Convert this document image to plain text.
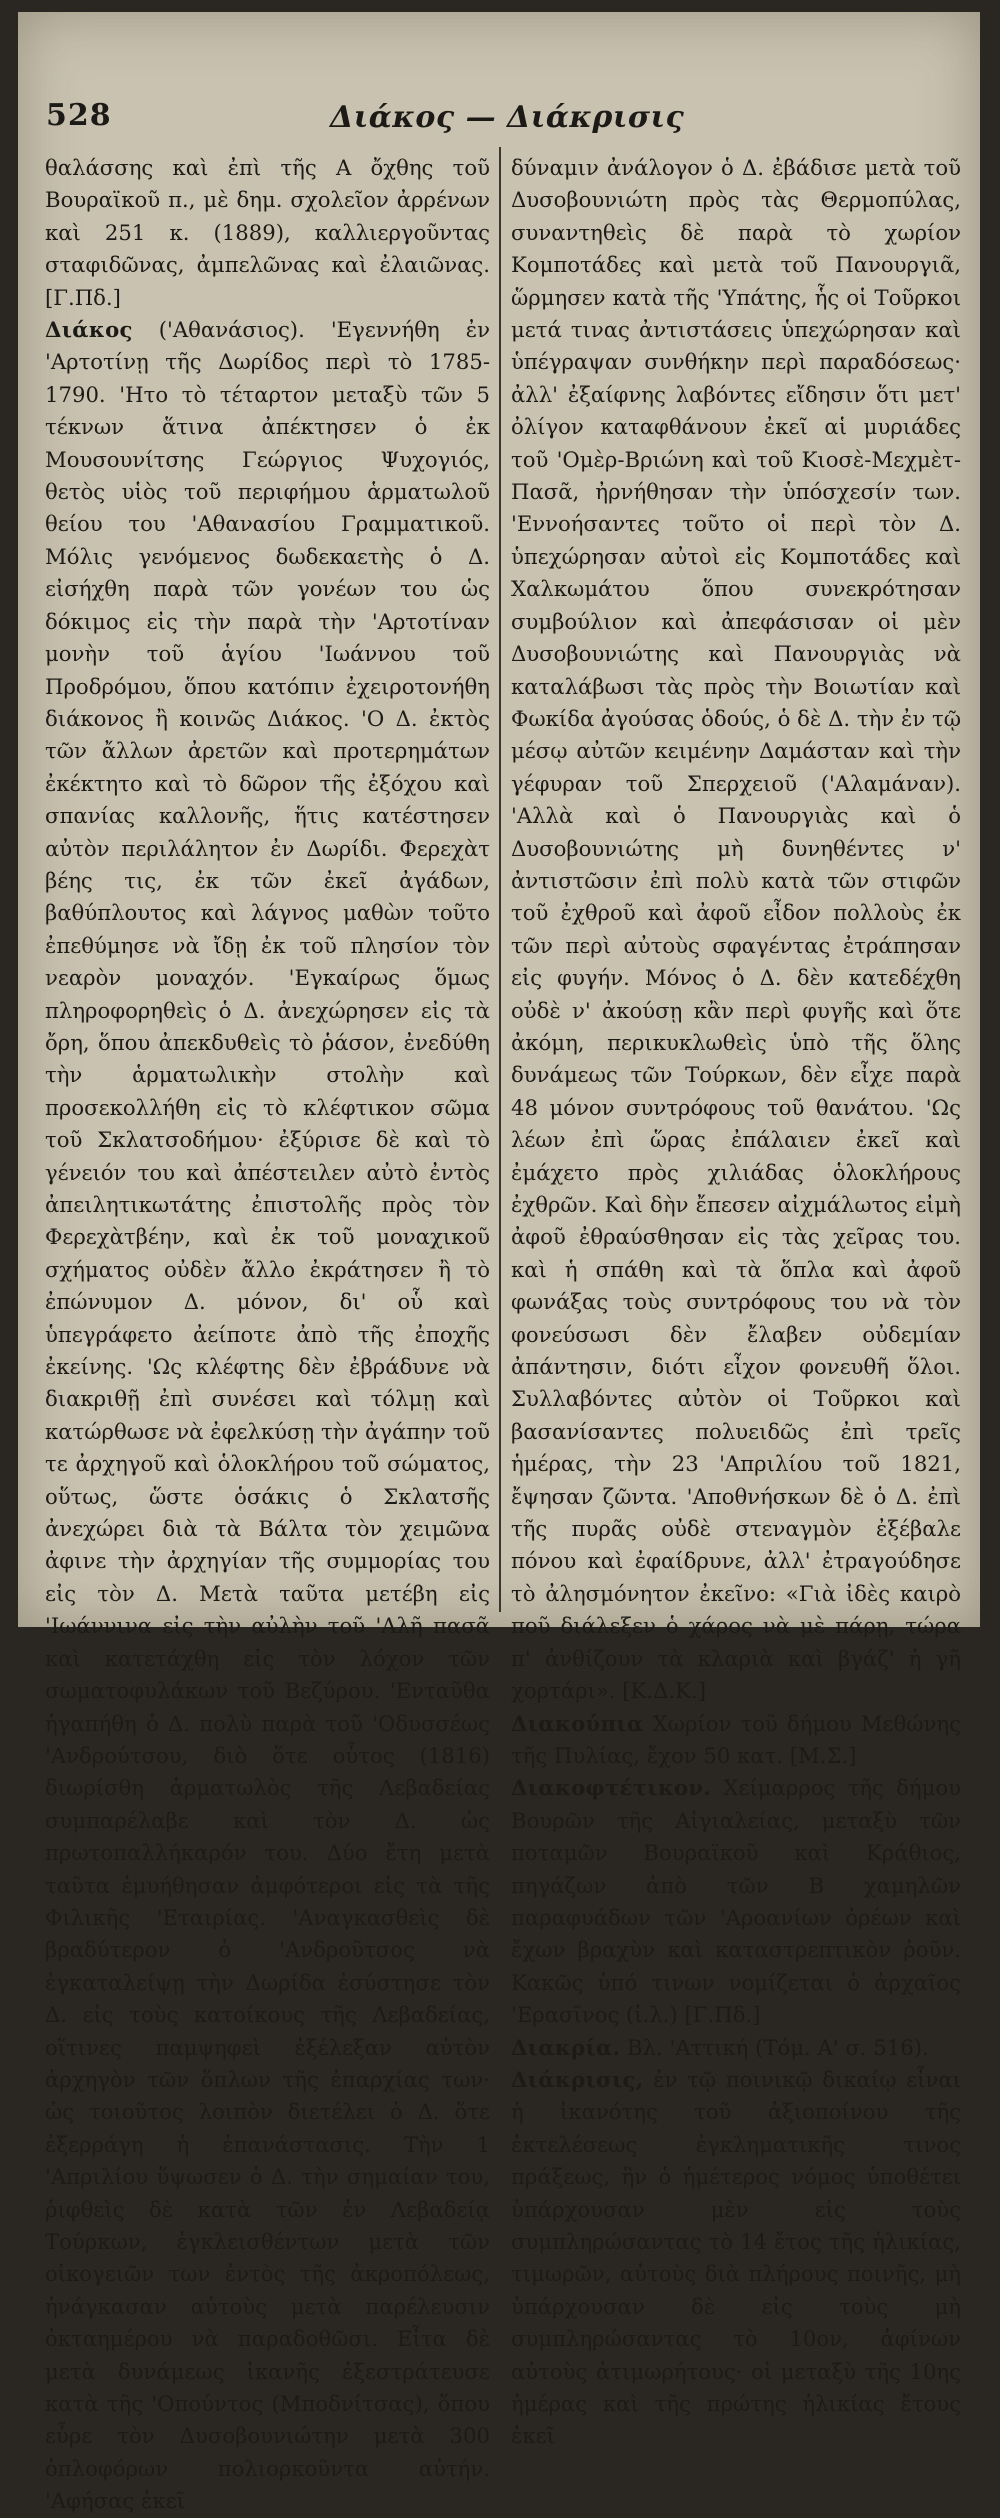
528	Διάκος — Διάκρισις

θαλάσσης καὶ ἐπὶ τῆς Α ὄχθης τοῦ Βουραϊκοῦ π., μὲ δημ. σχολεῖον ἀρρένων καὶ 251 κ. (1889), καλλιεργοῦντας σταφιδῶνας, ἀμπελῶνας καὶ ἐλαιῶνας. [Γ.Πδ.]

Διάκος ('Αθανάσιος). 'Εγεννήθη ἐν 'Αρτοτίνῃ τῆς Δωρίδος περὶ τὸ 1785-1790. 'Ητο τὸ τέταρτον μεταξὺ τῶν 5 τέκνων ἅτινα ἀπέκτησεν ὁ ἐκ Μουσουνίτσης Γεώργιος Ψυχογιός, θετὸς υἱὸς τοῦ περιφήμου ἁρματωλοῦ θείου του 'Αθανασίου Γραμματικοῦ. Μόλις γενόμενος δωδεκαετὴς ὁ Δ. εἰσήχθη παρὰ τῶν γονέων του ὡς δόκιμος εἰς τὴν παρὰ τὴν 'Αρτοτίναν μονὴν τοῦ ἁγίου 'Ιωάννου τοῦ Προδρόμου, ὅπου κατόπιν ἐχειροτονήθη διάκονος ἢ κοινῶς Διάκος. 'Ο Δ. ἐκτὸς τῶν ἄλλων ἀρετῶν καὶ προτερημάτων ἐκέκτητο καὶ τὸ δῶρον τῆς ἐξόχου καὶ σπανίας καλλονῆς, ἥτις κατέστησεν αὐτὸν περιλάλητον ἐν Δωρίδι. Φερεχὰτ βέης τις, ἐκ τῶν ἐκεῖ ἀγάδων, βαθύπλουτος καὶ λάγνος μαθὼν τοῦτο ἐπεθύμησε νὰ ἴδῃ ἐκ τοῦ πλησίον τὸν νεαρὸν μοναχόν. 'Εγκαίρως ὅμως πληροφορηθεὶς ὁ Δ. ἀνεχώρησεν εἰς τὰ ὄρη, ὅπου ἀπεκδυθεὶς τὸ ῥάσον, ἐνεδύθη τὴν ἁρματωλικὴν στολὴν καὶ προσεκολλήθη εἰς τὸ κλέφτικον σῶμα τοῦ Σκλατσοδήμου· ἐξύρισε δὲ καὶ τὸ γένειόν του καὶ ἀπέστειλεν αὐτὸ ἐντὸς ἀπειλητικωτάτης ἐπιστολῆς πρὸς τὸν Φερεχὰτβέην, καὶ ἐκ τοῦ μοναχικοῦ σχήματος οὐδὲν ἄλλο ἐκράτησεν ἢ τὸ ἐπώνυμον Δ. μόνον, δι' οὗ καὶ ὑπεγράφετο ἀείποτε ἀπὸ τῆς ἐποχῆς ἐκείνης. 'Ως κλέφτης δὲν ἐβράδυνε νὰ διακριθῇ ἐπὶ συνέσει καὶ τόλμῃ καὶ κατώρθωσε νὰ ἐφελκύσῃ τὴν ἀγάπην τοῦ τε ἀρχηγοῦ καὶ ὁλοκλήρου τοῦ σώματος, οὕτως, ὥστε ὁσάκις ὁ Σκλατσῆς ἀνεχώρει διὰ τὰ Βάλτα τὸν χειμῶνα ἀφινε τὴν ἀρχηγίαν τῆς συμμορίας του εἰς τὸν Δ. Μετὰ ταῦτα μετέβη εἰς 'Ιωάννινα εἰς τὴν αὐλὴν τοῦ 'Αλῆ πασᾶ καὶ κατετάχθη εἰς τὸν λόχον τῶν σωματοφυλάκων τοῦ Βεζύρου. 'Ενταῦθα ἠγαπήθη ὁ Δ. πολὺ παρὰ τοῦ 'Οδυσσέως 'Ανδρούτσου, διὸ ὅτε οὗτος (1816) διωρίσθη ἁρματωλὸς τῆς Λεβαδείας συμπαρέλαβε καὶ τὸν Δ. ὡς πρωτοπαλλήκαρόν του. Δύο ἔτη μετὰ ταῦτα ἐμυήθησαν ἀμφότεροι εἰς τὰ τῆς Φιλικῆς 'Εταιρίας. 'Αναγκασθεὶς δὲ βραδύτερον ὁ 'Ανδροῦτσος νὰ ἐγκαταλείψῃ τὴν Δωρίδα ἐσύστησε τὸν Δ. εἰς τοὺς κατοίκους τῆς Λεβαδείας, οἵτινες παμψηφεὶ ἐξέλεξαν αὐτὸν ἀρχηγὸν τῶν ὅπλων τῆς ἐπαρχίας των· ὡς τοιοῦτος λοιπὸν διετέλει ὁ Δ. ὅτε ἐξερράγη ἡ ἐπανάστασις. Τὴν 1 'Απριλίου ὕψωσεν ὁ Δ. τὴν σημαίαν του, ῥιφθεὶς δὲ κατὰ τῶν ἐν Λεβαδείᾳ Τούρκων, ἐγκλεισθέντων μετὰ τῶν οἰκογειῶν των ἐντὸς τῆς ἀκροπόλεως, ἠνάγκασαν αὐτοὺς μετὰ παρέλευσιν ὀκταημέρου νὰ παραδοθῶσι. Εἶτα δὲ μετὰ δυνάμεως ἱκανῆς ἐξεστράτευσε κατὰ τῆς 'Οπούντος (Μποδνίτσας), ὅπου εὗρε τὸν Δυσοβουνιώτην μετὰ 300 ὁπλοφόρων πολιορκοῦντα αὐτήν. 'Αφήσας ἐκεῖ

δύναμιν ἀνάλογον ὁ Δ. ἐβάδισε μετὰ τοῦ Δυσοβουνιώτη πρὸς τὰς Θερμοπύλας, συναντηθεὶς δὲ παρὰ τὸ χωρίον Κομποτάδες καὶ μετὰ τοῦ Πανουργιᾶ, ὥρμησεν κατὰ τῆς 'Υπάτης, ἧς οἱ Τοῦρκοι μετά τινας ἀντιστάσεις ὑπεχώρησαν καὶ ὑπέγραψαν συνθήκην περὶ παραδόσεως· ἀλλ' ἐξαίφνης λαβόντες εἴδησιν ὅτι μετ' ὀλίγον καταφθάνουν ἐκεῖ αἱ μυριάδες τοῦ 'Ομὲρ-Βριώνη καὶ τοῦ Κιοσὲ-Μεχμὲτ-Πασᾶ, ἠρνήθησαν τὴν ὑπόσχεσίν των. 'Εννοήσαντες τοῦτο οἱ περὶ τὸν Δ. ὑπεχώρησαν αὐτοὶ εἰς Κομποτάδες καὶ Χαλκωμάτου ὅπου συνεκρότησαν συμβούλιον καὶ ἀπεφάσισαν οἱ μὲν Δυσοβουνιώτης καὶ Πανουργιὰς νὰ καταλάβωσι τὰς πρὸς τὴν Βοιωτίαν καὶ Φωκίδα ἀγούσας ὁδούς, ὁ δὲ Δ. τὴν ἐν τῷ μέσῳ αὐτῶν κειμένην Δαμάσταν καὶ τὴν γέφυραν τοῦ Σπερχειοῦ ('Αλαμάναν). 'Αλλὰ καὶ ὁ Πανουργιὰς καὶ ὁ Δυσοβουνιώτης μὴ δυνηθέντες ν' ἀντιστῶσιν ἐπὶ πολὺ κατὰ τῶν στιφῶν τοῦ ἐχθροῦ καὶ ἀφοῦ εἶδον πολλοὺς ἐκ τῶν περὶ αὐτοὺς σφαγέντας ἐτράπησαν εἰς φυγήν. Μόνος ὁ Δ. δὲν κατεδέχθη οὐδὲ ν' ἀκούσῃ κἂν περὶ φυγῆς καὶ ὅτε ἀκόμη, περικυκλωθεὶς ὑπὸ τῆς ὅλης δυνάμεως τῶν Τούρκων, δὲν εἶχε παρὰ 48 μόνον συντρόφους τοῦ θανάτου. 'Ως λέων ἐπὶ ὥρας ἐπάλαιεν ἐκεῖ καὶ ἐμάχετο πρὸς χιλιάδας ὁλοκλήρους ἐχθρῶν. Καὶ δὴν ἔπεσεν αἰχμάλωτος εἰμὴ ἀφοῦ ἐθραύσθησαν εἰς τὰς χεῖρας του. καὶ ἡ σπάθη καὶ τὰ ὅπλα καὶ ἀφοῦ φωνάξας τοὺς συντρόφους του νὰ τὸν φονεύσωσι δὲν ἔλαβεν οὐδεμίαν ἀπάντησιν, διότι εἶχον φονευθῆ ὅλοι. Συλλαβόντες αὐτὸν οἱ Τοῦρκοι καὶ βασανίσαντες πολυειδῶς ἐπὶ τρεῖς ἡμέρας, τὴν 23 'Απριλίου τοῦ 1821, ἔψησαν ζῶντα. 'Αποθνήσκων δὲ ὁ Δ. ἐπὶ τῆς πυρᾶς οὐδὲ στεναγμὸν ἐξέβαλε πόνου καὶ ἐφαίδρυνε, ἀλλ' ἐτραγούδησε τὸ ἀλησμόνητον ἐκεῖνο: «Γιὰ ἰδὲς καιρὸ ποῦ διάλεξεν ὁ χάρος νὰ μὲ πάρῃ, τώρα π' ἀνθίζουν τὰ κλαριὰ καὶ βγάζ' ἡ γῆ χορτάρι». [Κ.Δ.Κ.]

Διακούπια Χωρίον τοῦ δήμου Μεθώνης τῆς Πυλίας, ἔχον 50 κατ. [Μ.Σ.]

Διακοφτέτικον. Χείμαρρος τῆς δήμου Βουρῶν τῆς Αἰγιαλείας, μεταξὺ τῶν ποταμῶν Βουραϊκοῦ καὶ Κράθιος, πηγάζων ἀπὸ τῶν Β χαμηλῶν παραφυάδων τῶν 'Αροανίων ὀρέων καὶ ἔχων βραχὺν καὶ καταστρεπτικὸν ῥοῦν. Κακῶς ὑπό τινων νομίζεται ὁ ἀρχαῖος 'Ερασῖνος (ἰ.λ.) [Γ.Πδ.]

Διακρία. Βλ. 'Αττική (Τόμ. Α' σ. 516).

Διάκρισις, ἐν τῷ ποινικῷ δικαίῳ εἶναι ἡ ἱκανότης τοῦ ἀξιοποίνου τῆς ἐκτελέσεως ἐγκληματικῆς τινος πράξεως, ἣν ὁ ἡμέτερος νόμος ὑποθέτει ὑπάρχουσαν μὲν εἰς τοὺς συμπληρώσαντας τὸ 14 ἔτος τῆς ἡλικίας, τιμωρῶν, αὐτοὺς διὰ πλήρους ποινῆς, μὴ ὑπάρχουσαν δὲ εἰς τοὺς μὴ συμπληρώσαντας τὸ 10ον, ἀφίνων αὐτοὺς ἀτιμωρήτους· οἱ μεταξὺ τῆς 10ης ἡμέρας καὶ τῆς πρώτης ἡλικίας ἔτους ἐκεῖ
